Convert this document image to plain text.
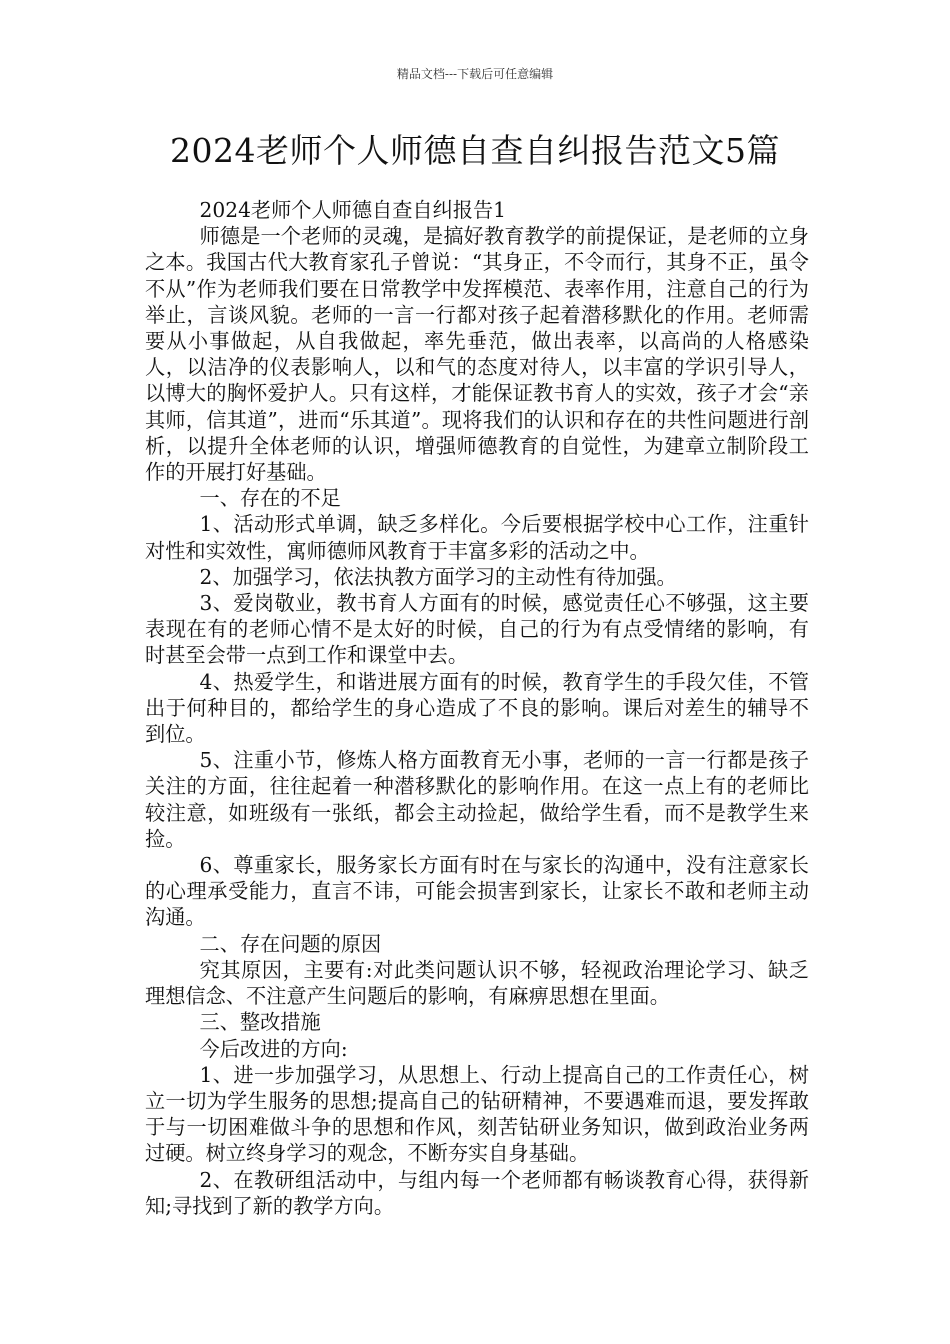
精品文档---下载后可任意编辑
2024老师个人师德自查自纠报告范文5篇

2024老师个人师德自查自纠报告1

师德是一个老师的灵魂，是搞好教育教学的前提保证，是老师的立身之本。我国古代大教育家孔子曾说：“其身正，不令而行，其身不正，虽令不从”作为老师我们要在日常教学中发挥模范、表率作用，注意自己的行为举止，言谈风貌。老师的一言一行都对孩子起着潜移默化的作用。老师需要从小事做起，从自我做起，率先垂范，做出表率，以高尚的人格感染人，以洁净的仪表影响人，以和气的态度对待人，以丰富的学识引导人，以博大的胸怀爱护人。只有这样，才能保证教书育人的实效，孩子才会“亲其师，信其道”，进而“乐其道”。现将我们的认识和存在的共性问题进行剖析，以提升全体老师的认识，增强师德教育的自觉性，为建章立制阶段工作的开展打好基础。

一、存在的不足

1、活动形式单调，缺乏多样化。今后要根据学校中心工作，注重针对性和实效性，寓师德师风教育于丰富多彩的活动之中。

2、加强学习，依法执教方面学习的主动性有待加强。

3、爱岗敬业，教书育人方面有的时候，感觉责任心不够强，这主要表现在有的老师心情不是太好的时候，自己的行为有点受情绪的影响，有时甚至会带一点到工作和课堂中去。

4、热爱学生，和谐进展方面有的时候，教育学生的手段欠佳，不管出于何种目的，都给学生的身心造成了不良的影响。课后对差生的辅导不到位。

5、注重小节，修炼人格方面教育无小事，老师的一言一行都是孩子关注的方面，往往起着一种潜移默化的影响作用。在这一点上有的老师比较注意，如班级有一张纸，都会主动捡起，做给学生看，而不是教学生来捡。

6、尊重家长，服务家长方面有时在与家长的沟通中，没有注意家长的心理承受能力，直言不讳，可能会损害到家长，让家长不敢和老师主动沟通。

二、存在问题的原因

究其原因，主要有:对此类问题认识不够，轻视政治理论学习、缺乏理想信念、不注意产生问题后的影响，有麻痹思想在里面。

三、整改措施

今后改进的方向:

1、进一步加强学习，从思想上、行动上提高自己的工作责任心，树立一切为学生服务的思想;提高自己的钻研精神，不要遇难而退，要发挥敢于与一切困难做斗争的思想和作风，刻苦钻研业务知识，做到政治业务两过硬。树立终身学习的观念，不断夯实自身基础。

2、在教研组活动中，与组内每一个老师都有畅谈教育心得，获得新知;寻找到了新的教学方向。
